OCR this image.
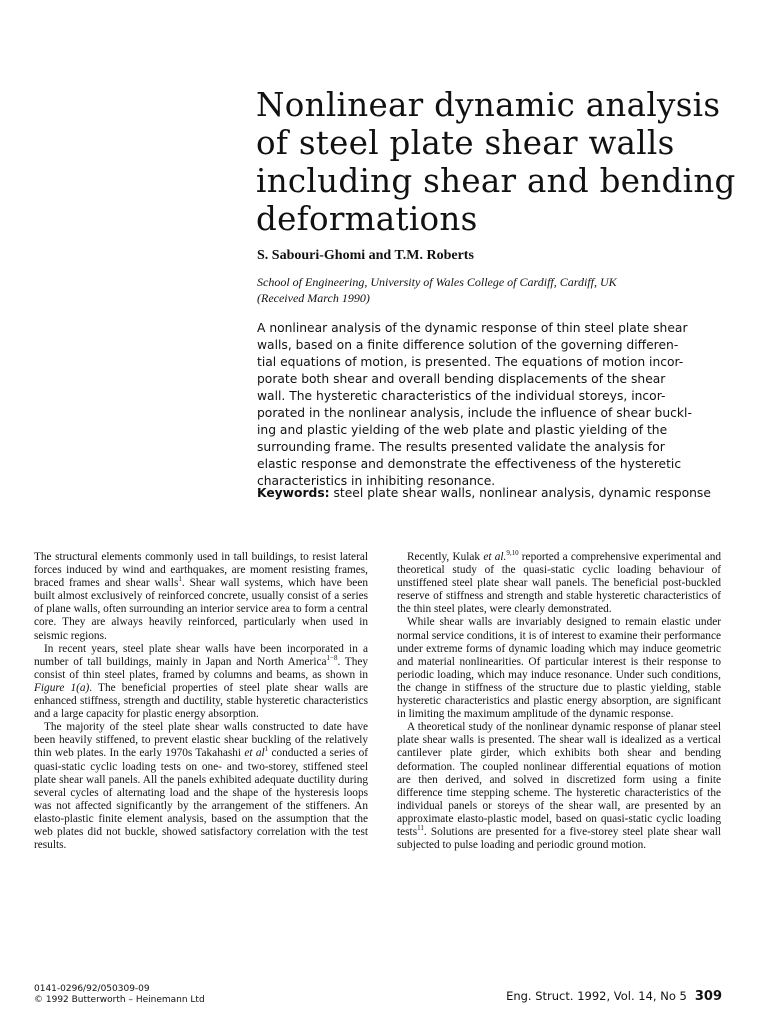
Nonlinear dynamic analysis
of steel plate shear walls
including shear and bending
deformations
S. Sabouri-Ghomi and T.M. Roberts
School of Engineering, University of Wales College of Cardiff, Cardiff, UK
(Received March 1990)
A nonlinear analysis of the dynamic response of thin steel plate shear
walls, based on a finite difference solution of the governing differen-
tial equations of motion, is presented. The equations of motion incor-
porate both shear and overall bending displacements of the shear
wall. The hysteretic characteristics of the individual storeys, incor-
porated in the nonlinear analysis, include the influence of shear buckl-
ing and plastic yielding of the web plate and plastic yielding of the
surrounding frame. The results presented validate the analysis for
elastic response and demonstrate the effectiveness of the hysteretic
characteristics in inhibiting resonance.
Keywords: steel plate shear walls, nonlinear analysis, dynamic response

The structural elements commonly used in tall buildings, to resist lateral forces induced by wind and earthquakes, are moment resisting frames, braced frames and shear walls$^1$. Shear wall systems, which have been built almost exclusively of reinforced concrete, usually consist of a series of plane walls, often surrounding an interior service area to form a central core. They are always heavily reinforced, particularly when used in seismic regions.

In recent years, steel plate shear walls have been incorporated in a number of tall buildings, mainly in Japan and North America$^{1-8}$. They consist of thin steel plates, framed by columns and beams, as shown in Figure 1(a). The beneficial properties of steel plate shear walls are enhanced stiffness, strength and ductility, stable hysteretic characteristics and a large capacity for plastic energy absorption.

The majority of the steel plate shear walls constructed to date have been heavily stiffened, to prevent elastic shear buckling of the relatively thin web plates. In the early 1970s Takahashi et $al^1$ conducted a series of quasi-static cyclic loading tests on one- and two-storey, stiffened steel plate shear wall panels. All the panels exhibited adequate ductility during several cycles of alternating load and the shape of the hysteresis loops was not affected significantly by the arrangement of the stiffeners. An elasto-plastic finite element analysis, based on the assumption that the web plates did not buckle, showed satisfactory correlation with the test results.

Recently, Kulak et al.$^{9,10}$ reported a comprehensive experimental and theoretical study of the quasi-static cyclic loading behaviour of unstiffened steel plate shear wall panels. The beneficial post-buckled reserve of stiffness and strength and stable hysteretic characteristics of the thin steel plates, were clearly demonstrated.

While shear walls are invariably designed to remain elastic under normal service conditions, it is of interest to examine their performance under extreme forms of dynamic loading which may induce geometric and material nonlinearities. Of particular interest is their response to periodic loading, which may induce resonance. Under such conditions, the change in stiffness of the structure due to plastic yielding, stable hysteretic characteristics and plastic energy absorption, are significant in limiting the maximum amplitude of the dynamic response.

A theoretical study of the nonlinear dynamic response of planar steel plate shear walls is presented. The shear wall is idealized as a vertical cantilever plate girder, which exhibits both shear and bending deformation. The coupled nonlinear differential equations of motion are then derived, and solved in discretized form using a finite difference time stepping scheme. The hysteretic characteristics of the individual panels or storeys of the shear wall, are presented by an approximate elasto-plastic model, based on quasi-static cyclic loading tests$^{11}$. Solutions are presented for a five-storey steel plate shear wall subjected to pulse loading and periodic ground motion.

0141-0296/92/050309-09
© 1992 Butterworth – Heinemann Ltd	Eng. Struct. 1992, Vol. 14, No 5 309
